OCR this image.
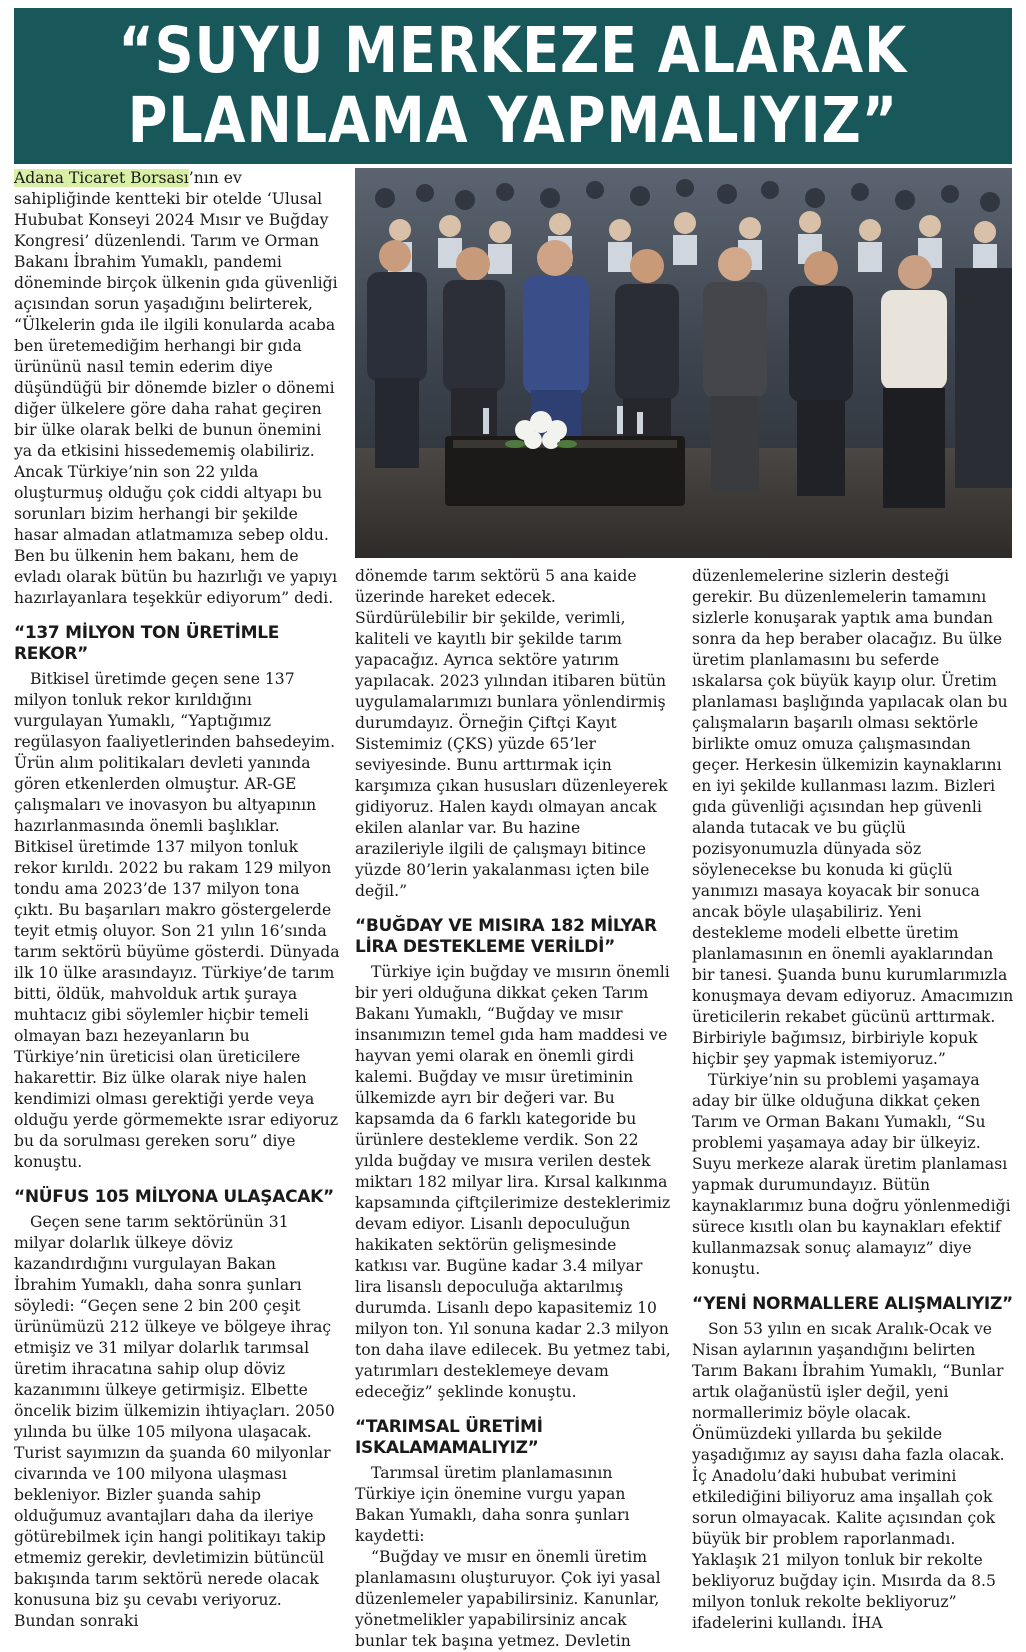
“SUYU MERKEZE ALARAK
PLANLAMA YAPMALIYIZ”

Adana Ticaret Borsası’nın ev sahipliğinde kentteki bir otelde ‘Ulusal Hububat Konseyi 2024 Mısır ve Buğday Kongresi’ düzenlendi. Tarım ve Orman Bakanı İbrahim Yumaklı, pandemi döneminde birçok ülkenin gıda güvenliği açısından sorun yaşadığını belirterek, “Ülkelerin gıda ile ilgili konularda acaba ben üretemediğim herhangi bir gıda ürününü nasıl temin ederim diye düşündüğü bir dönemde bizler o dönemi diğer ülkelere göre daha rahat geçiren bir ülke olarak belki de bunun önemini ya da etkisini hissedememiş olabiliriz. Ancak Türkiye’nin son 22 yılda oluşturmuş olduğu çok ciddi altyapı bu sorunları bizim herhangi bir şekilde hasar almadan atlatmamıza sebep oldu. Ben bu ülkenin hem bakanı, hem de evladı olarak bütün bu hazırlığı ve yapıyı hazırlayanlara teşekkür ediyorum” dedi.

“137 MİLYON TON ÜRETİMLE REKOR”

Bitkisel üretimde geçen sene 137 milyon tonluk rekor kırıldığını vurgulayan Yumaklı, “Yaptığımız regülasyon faaliyetlerinden bahsedeyim. Ürün alım politikaları devleti yanında gören etkenlerden olmuştur. AR-GE çalışmaları ve inovasyon bu altyapının hazırlanmasında önemli başlıklar. Bitkisel üretimde 137 milyon tonluk rekor kırıldı. 2022 bu rakam 129 milyon tondu ama 2023’de 137 milyon tona çıktı. Bu başarıları makro göstergelerde teyit etmiş oluyor. Son 21 yılın 16’sında tarım sektörü büyüme gösterdi. Dünyada ilk 10 ülke arasındayız. Türkiye’de tarım bitti, öldük, mahvolduk artık şuraya muhtacız gibi söylemler hiçbir temeli olmayan bazı hezeyanların bu Türkiye’nin üreticisi olan üreticilere hakarettir. Biz ülke olarak niye halen kendimizi olması gerektiği yerde veya olduğu yerde görmemekte ısrar ediyoruz bu da sorulması gereken soru” diye konuştu.

“NÜFUS 105 MİLYONA ULAŞACAK”

Geçen sene tarım sektörünün 31 milyar dolarlık ülkeye döviz kazandırdığını vurgulayan Bakan İbrahim Yumaklı, daha sonra şunları söyledi: “Geçen sene 2 bin 200 çeşit ürünümüzü 212 ülkeye ve bölgeye ihraç etmişiz ve 31 milyar dolarlık tarımsal üretim ihracatına sahip olup döviz kazanımını ülkeye getirmişiz. Elbette öncelik bizim ülkemizin ihtiyaçları. 2050 yılında bu ülke 105 milyona ulaşacak. Turist sayımızın da şuanda 60 milyonlar civarında ve 100 milyona ulaşması bekleniyor. Bizler şuanda sahip olduğumuz avantajları daha da ileriye götürebilmek için hangi politikayı takip etmemiz gerekir, devletimizin bütüncül bakışında tarım sektörü nerede olacak konusuna biz şu cevabı veriyoruz. Bundan sonraki

dönemde tarım sektörü 5 ana kaide üzerinde hareket edecek. Sürdürülebilir bir şekilde, verimli, kaliteli ve kayıtlı bir şekilde tarım yapacağız. Ayrıca sektöre yatırım yapılacak. 2023 yılından itibaren bütün uygulamalarımızı bunlara yönlendirmiş durumdayız. Örneğin Çiftçi Kayıt Sistemimiz (ÇKS) yüzde 65’ler seviyesinde. Bunu arttırmak için karşımıza çıkan hususları düzenleyerek gidiyoruz. Halen kaydı olmayan ancak ekilen alanlar var. Bu hazine arazileriyle ilgili de çalışmayı bitince yüzde 80’lerin yakalanması içten bile değil.”

“BUĞDAY VE MISIRA 182 MİLYAR LİRA DESTEKLEME VERİLDİ”

Türkiye için buğday ve mısırın önemli bir yeri olduğuna dikkat çeken Tarım Bakanı Yumaklı, “Buğday ve mısır insanımızın temel gıda ham maddesi ve hayvan yemi olarak en önemli girdi kalemi. Buğday ve mısır üretiminin ülkemizde ayrı bir değeri var. Bu kapsamda da 6 farklı kategoride bu ürünlere destekleme verdik. Son 22 yılda buğday ve mısıra verilen destek miktarı 182 milyar lira. Kırsal kalkınma kapsamında çiftçilerimize desteklerimiz devam ediyor. Lisanlı depoculuğun hakikaten sektörün gelişmesinde katkısı var. Bugüne kadar 3.4 milyar lira lisanslı depoculuğa aktarılmış durumda. Lisanlı depo kapasitemiz 10 milyon ton. Yıl sonuna kadar 2.3 milyon ton daha ilave edilecek. Bu yetmez tabi, yatırımları desteklemeye devam edeceğiz” şeklinde konuştu.

“TARIMSAL ÜRETİMİ ISKALAMAMALIYIZ”

Tarımsal üretim planlamasının Türkiye için önemine vurgu yapan Bakan Yumaklı, daha sonra şunları kaydetti:

“Buğday ve mısır en önemli üretim planlamasını oluşturuyor. Çok iyi yasal düzenlemeler yapabilirsiniz. Kanunlar, yönetmelikler yapabilirsiniz ancak bunlar tek başına yetmez. Devletin

düzenlemelerine sizlerin desteği gerekir. Bu düzenlemelerin tamamını sizlerle konuşarak yaptık ama bundan sonra da hep beraber olacağız. Bu ülke üretim planlamasını bu seferde ıskalarsa çok büyük kayıp olur. Üretim planlaması başlığında yapılacak olan bu çalışmaların başarılı olması sektörle birlikte omuz omuza çalışmasından geçer. Herkesin ülkemizin kaynaklarını en iyi şekilde kullanması lazım. Bizleri gıda güvenliği açısından hep güvenli alanda tutacak ve bu güçlü pozisyonumuzla dünyada söz söylenecekse bu konuda ki güçlü yanımızı masaya koyacak bir sonuca ancak böyle ulaşabiliriz. Yeni destekleme modeli elbette üretim planlamasının en önemli ayaklarından bir tanesi. Şuanda bunu kurumlarımızla konuşmaya devam ediyoruz. Amacımızın üreticilerin rekabet gücünü arttırmak. Birbiriyle bağımsız, birbiriyle kopuk hiçbir şey yapmak istemiyoruz.”

Türkiye’nin su problemi yaşamaya aday bir ülke olduğuna dikkat çeken Tarım ve Orman Bakanı Yumaklı, “Su problemi yaşamaya aday bir ülkeyiz. Suyu merkeze alarak üretim planlaması yapmak durumundayız. Bütün kaynaklarımız buna doğru yönlenmediği sürece kısıtlı olan bu kaynakları efektif kullanmazsak sonuç alamayız” diye konuştu.

“YENİ NORMALLERE ALIŞMALIYIZ”

Son 53 yılın en sıcak Aralık-Ocak ve Nisan aylarının yaşandığını belirten Tarım Bakanı İbrahim Yumaklı, “Bunlar artık olağanüstü işler değil, yeni normallerimiz böyle olacak. Önümüzdeki yıllarda bu şekilde yaşadığımız ay sayısı daha fazla olacak. İç Anadolu’daki hububat verimini etkilediğini biliyoruz ama inşallah çok sorun olmayacak. Kalite açısından çok büyük bir problem raporlanmadı. Yaklaşık 21 milyon tonluk bir rekolte bekliyoruz buğday için. Mısırda da 8.5 milyon tonluk rekolte bekliyoruz” ifadelerini kullandı. İHA
